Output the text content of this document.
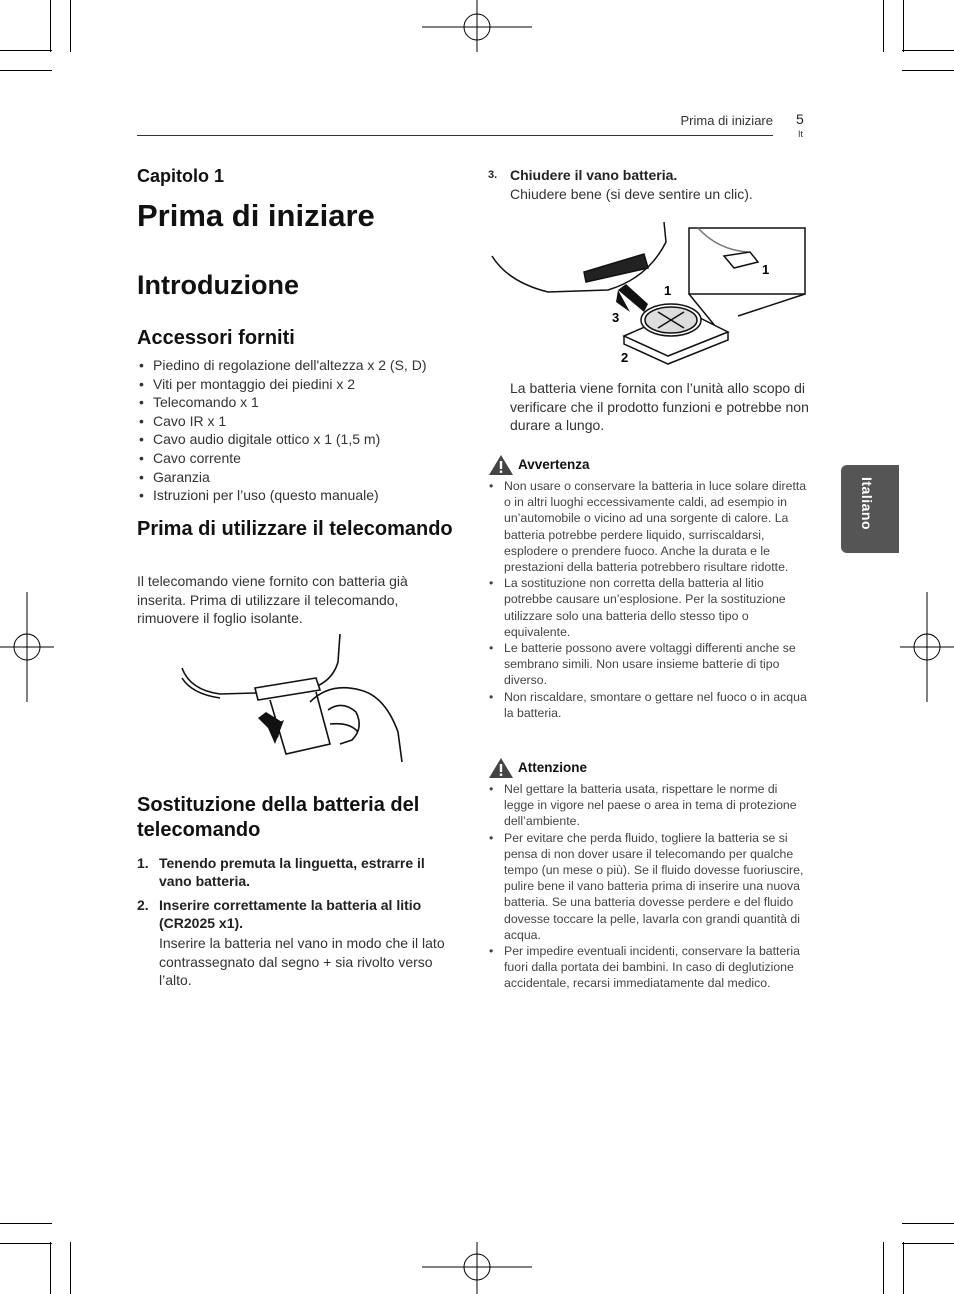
Prima di iniziare 5
It
Italiano
Capitolo 1
Prima di iniziare
Introduzione
Accessori forniti
• Piedino di regolazione dell'altezza x 2 (S, D)
• Viti per montaggio dei piedini x 2
• Telecomando x 1
• Cavo IR x 1
• Cavo audio digitale ottico x 1 (1,5 m)
• Cavo corrente
• Garanzia
• Istruzioni per l’uso (questo manuale)
Prima di utilizzare il telecomando
Il telecomando viene fornito con batteria già inserita. Prima di utilizzare il telecomando, rimuovere il foglio isolante.
Sostituzione della batteria del telecomando
1. Tenendo premuta la linguetta, estrarre il vano batteria.
2. Inserire correttamente la batteria al litio (CR2025 x1).
Inserire la batteria nel vano in modo che il lato contrassegnato dal segno + sia rivolto verso l’alto.
3. Chiudere il vano batteria.
Chiudere bene (si deve sentire un clic).
1
1
3
2
La batteria viene fornita con l’unità allo scopo di verificare che il prodotto funzioni e potrebbe non durare a lungo.
Avvertenza
• Non usare o conservare la batteria in luce solare diretta o in altri luoghi eccessivamente caldi, ad esempio in un’automobile o vicino ad una sorgente di calore. La batteria potrebbe perdere liquido, surriscaldarsi, esplodere o prendere fuoco. Anche la durata e le prestazioni della batteria potrebbero risultare ridotte.
• La sostituzione non corretta della batteria al litio potrebbe causare un’esplosione. Per la sostituzione utilizzare solo una batteria dello stesso tipo o equivalente.
• Le batterie possono avere voltaggi differenti anche se sembrano simili. Non usare insieme batterie di tipo diverso.
• Non riscaldare, smontare o gettare nel fuoco o in acqua la batteria.
Attenzione
• Nel gettare la batteria usata, rispettare le norme di legge in vigore nel paese o area in tema di protezione dell’ambiente.
• Per evitare che perda fluido, togliere la batteria se si pensa di non dover usare il telecomando per qualche tempo (un mese o più). Se il fluido dovesse fuoriuscire, pulire bene il vano batteria prima di inserire una nuova batteria. Se una batteria dovesse perdere e del fluido dovesse toccare la pelle, lavarla con grandi quantità di acqua.
• Per impedire eventuali incidenti, conservare la batteria fuori dalla portata dei bambini. In caso di deglutizione accidentale, recarsi immediatamente dal medico.
